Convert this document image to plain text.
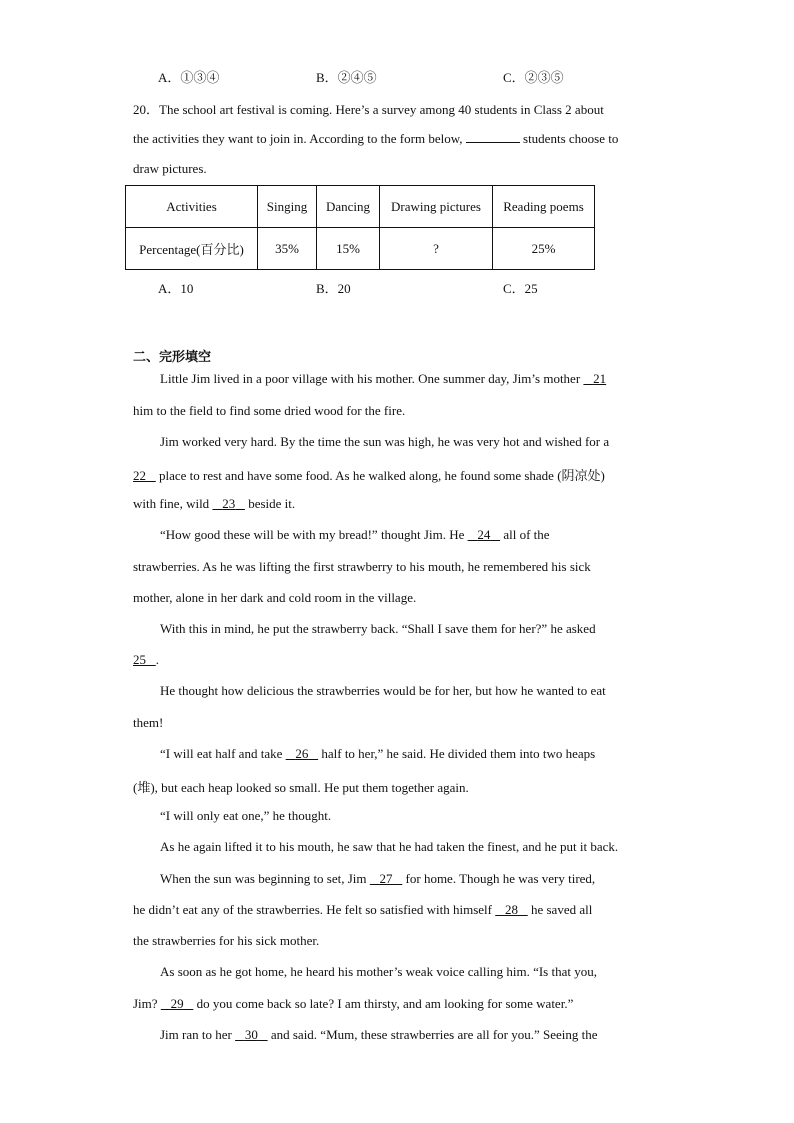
A．①③④	B．②④⑤	C．②③⑤
20．The school art festival is coming. Here’s a survey among 40 students in Class 2 about
the activities they want to join in. According to the form below,	students choose to
draw pictures.
Activities	Singing	Dancing	Drawing pictures	Reading poems
Percentage(百分比)	35%	15%	?	25%
A．10	B．20	C．25
二、完形填空
Little Jim lived in a poor village with his mother. One summer day, Jim’s mother    21
him to the field to find some dried wood for the fire.
Jim worked very hard. By the time the sun was high, he was very hot and wished for a
22    place to rest and have some food. As he walked along, he found some shade (阴凉处)
with fine, wild    23    beside it.
“How good these will be with my bread!” thought Jim. He    24    all of the
strawberries. As he was lifting the first strawberry to his mouth, he remembered his sick
mother, alone in her dark and cold room in the village.
With this in mind, he put the strawberry back. “Shall I save them for her?” he asked
25 .
He thought how delicious the strawberries would be for her, but how he wanted to eat
them!
“I will eat half and take    26    half to her,” he said. He divided them into two heaps
(堆), but each heap looked so small. He put them together again.
“I will only eat one,” he thought.
As he again lifted it to his mouth, he saw that he had taken the finest, and he put it back.
When the sun was beginning to set, Jim    27    for home. Though he was very tired,
he didn’t eat any of the strawberries. He felt so satisfied with himself    28    he saved all
the strawberries for his sick mother.
As soon as he got home, he heard his mother’s weak voice calling him. “Is that you,
Jim?    29    do you come back so late? I am thirsty, and am looking for some water.”
Jim ran to her    30    and said. “Mum, these strawberries are all for you.” Seeing the
